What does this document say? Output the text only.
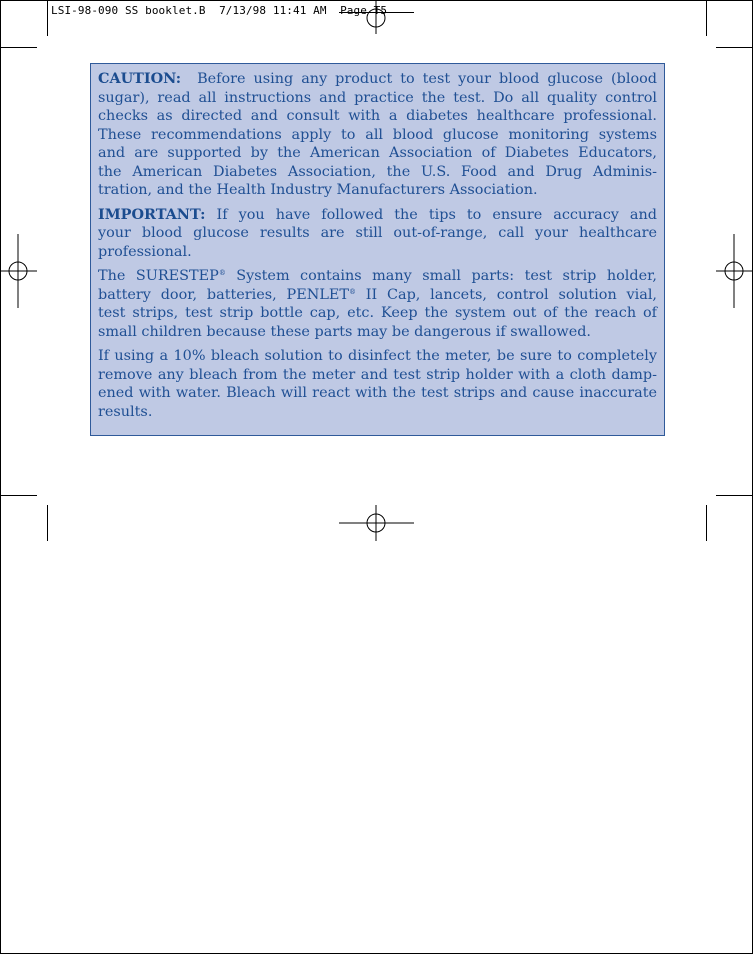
LSI-98-090 SS booklet.B  7/13/98 11:41 AM  Page T5
CAUTION: Before using any product to test your blood glucose (blood
sugar), read all instructions and practice the test. Do all quality control
checks as directed and consult with a diabetes healthcare professional.
These recommendations apply to all blood glucose monitoring systems
and are supported by the American Association of Diabetes Educators,
the American Diabetes Association, the U.S. Food and Drug Adminis-
tration, and the Health Industry Manufacturers Association.
IMPORTANT: If you have followed the tips to ensure accuracy and
your blood glucose results are still out-of-range, call your healthcare
professional.
The SURESTEP® System contains many small parts: test strip holder,
battery door, batteries, PENLET® II Cap, lancets, control solution vial,
test strips, test strip bottle cap, etc. Keep the system out of the reach of
small children because these parts may be dangerous if swallowed.
If using a 10% bleach solution to disinfect the meter, be sure to completely
remove any bleach from the meter and test strip holder with a cloth damp-
ened with water. Bleach will react with the test strips and cause inaccurate
results.
